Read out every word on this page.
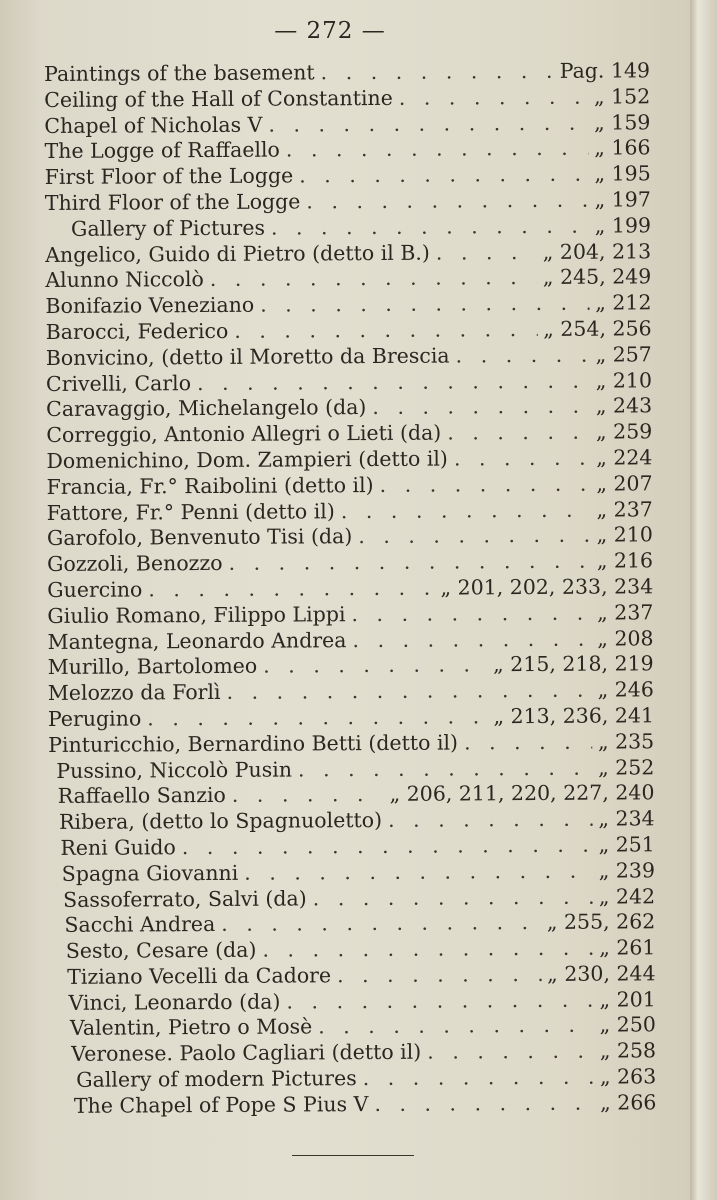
— 272 —
Paintings of the basement . . .	Pag. 149
Ceiling of the Hall of Constantine . . .	„ 152
Chapel of Nicholas V . . .	„ 159
The Logge of Raffaello . . .	„ 166
First Floor of the Logge . . .	„ 195
Third Floor of the Logge . . .	„ 197
Gallery of Pictures . . .	„ 199
Angelico, Guido di Pietro (detto il B.) . . .	„ 204, 213
Alunno Niccolò . . .	„ 245, 249
Bonifazio Veneziano . . .	„ 212
Barocci, Federico . . .	„ 254, 256
Bonvicino, (detto il Moretto da Brescia . . .	„ 257
Crivelli, Carlo . . .	„ 210
Caravaggio, Michelangelo (da) . . .	„ 243
Correggio, Antonio Allegri o Lieti (da) . . .	„ 259
Domenichino, Dom. Zampieri (detto il) . . .	„ 224
Francia, Fr.° Raibolini (detto il) . . .	„ 207
Fattore, Fr.° Penni (detto il) . . .	„ 237
Garofolo, Benvenuto Tisi (da) . . .	„ 210
Gozzoli, Benozzo . . .	„ 216
Guercino . . .	„ 201, 202, 233, 234
Giulio Romano, Filippo Lippi . . .	„ 237
Mantegna, Leonardo Andrea . . .	„ 208
Murillo, Bartolomeo . . .	„ 215, 218, 219
Melozzo da Forlì . . .	„ 246
Perugino . . .	„ 213, 236, 241
Pinturicchio, Bernardino Betti (detto il) . . .	„ 235
Pussino, Niccolò Pusin . . .	„ 252
Raffaello Sanzio . . .	„ 206, 211, 220, 227, 240
Ribera, (detto lo Spagnuoletto) . . .	„ 234
Reni Guido . . .	„ 251
Spagna Giovanni . . .	„ 239
Sassoferrato, Salvi (da) . . .	„ 242
Sacchi Andrea . . .	„ 255, 262
Sesto, Cesare (da) . . .	„ 261
Tiziano Vecelli da Cadore . . .	„ 230, 244
Vinci, Leonardo (da) . . .	„ 201
Valentin, Pietro o Mosè . . .	„ 250
Veronese. Paolo Cagliari (detto il) . . .	„ 258
Gallery of modern Pictures . . .	„ 263
The Chapel of Pope S Pius V . . .	„ 266
